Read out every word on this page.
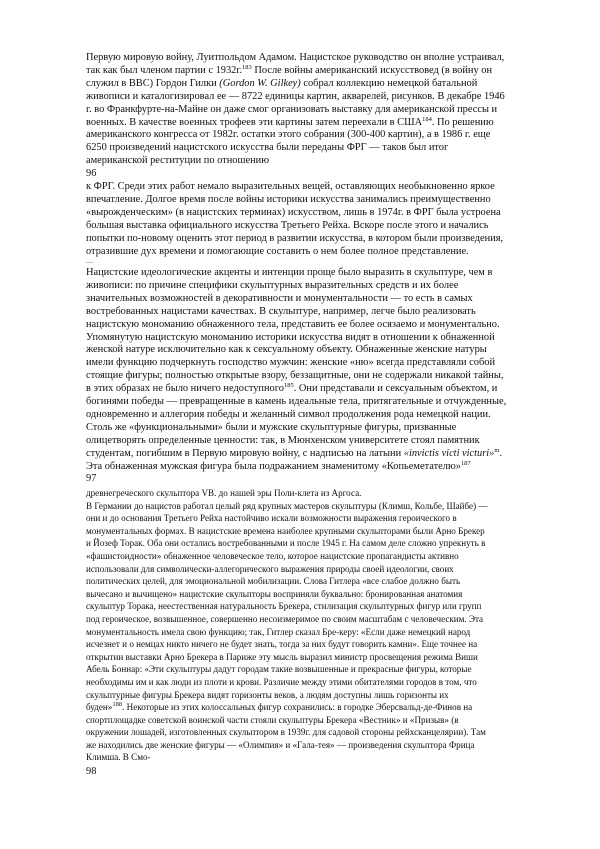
Первую мировую войну, Луитпольдом Адамом. Нацистское руководство он вполне устраивал,
так как был членом партии с 1932г.$^{183}$ После войны американский искусствовед (в войну он
служил в ВВС) Гордон Гилки (Gordon W. Gilkey) собрал коллекцию немецкой батальной
живописи и каталогизировал ее — 8722 единицы картин, акварелей, рисунков. В декабре 1946
г. во Франкфурте-на-Майне он даже смог организовать выставку для американской прессы и
военных. В качестве военных трофеев эти картины затем переехали в США$^{184}$. По решению
американского конгресса от 1982г. остатки этого собрания (300-400 картин), а в 1986 г. еще
6250 произведений нацистского искусства были переданы ФРГ — таков был итог
американской реституции по отношению
96
к ФРГ. Среди этих работ немало выразительных вещей, оставляющих необыкновенно яркое
впечатление. Долгое время после войны историки искусства занимались преимущественно
«вырожденческим» (в нацистских терминах) искусством, лишь в 1974г. в ФРГ была устроена
большая выставка официального искусства Третьего Рейха. Вскоре после этого и начались
попытки по-новому оценить этот период в развитии искусства, в котором были произведения,
отразившие дух времени и помогающие составить о нем более полное представление.
—
Нацистские идеологические акценты и интенции проще было выразить в скульптуре, чем в
живописи: по причине специфики скульптурных выразительных средств и их более
значительных возможностей в декоративности и монументальности — то есть в самых
востребованных нацистами качествах. В скульптуре, например, легче было реализовать
нацистскую мономанию обнаженного тела, представить ее более осязаемо и монументально.
Упомянутую нацистскую мономанию историки искусства видят в отношении к обнаженной
женской натуре исключительно как к сексуальному объекту. Обнаженные женские натуры
имели функцию подчеркнуть господство мужчин: женские «ню» всегда представляли собой
стоящие фигуры; полностью открытые взору, беззащитные, они не содержали никакой тайны,
в этих образах не было ничего недоступного$^{185}$. Они представали и сексуальным объектом, и
богинями победы — превращенные в камень идеальные тела, притягательные и отчужденные,
одновременно и аллегория победы и желанный символ продолжения рода немецкой нации.
Столь же «функциональными» были и мужские скульптурные фигуры, призванные
олицетворять определенные ценности: так, в Мюнхенском университете стоял памятник
студентам, погибшим в Первую мировую войну, с надписью на латыни «invictis victi victuri»$^m$.
Эта обнаженная мужская фигура была подражанием знаменитому «Копьеметателю»$^{187}$
97
древнегреческого скульптора VВ. до нашей эры Поли-клета из Аргоса.
В Германии до нацистов работал целый ряд крупных мастеров скульптуры (Климш, Кольбе, Шайбе) —
они и до основания Третьего Рейха настойчиво искали возможности выражения героического в
монументальных формах. В нацистские времена наиболее крупными скульпторами были Арно Брекер
и Йозеф Торак. Оба они остались востребованными и после 1945 г. На самом деле сложно упрекнуть в
«фашистоидности» обнаженное человеческое тело, которое нацистские пропагандисты активно
использовали для символически-аллегорического выражения природы своей идеологии, своих
политических целей, для эмоциональной мобилизации. Слова Гитлера «все слабое должно быть
вычесано и вычищено» нацистские скульпторы восприняли буквально: бронированная анатомия
скульптур Торака, неестественная натуральность Брекера, стилизация скульптурных фигур или групп
под героическое, возвышенное, совершенно несоизмеримое по своим масштабам с человеческим. Эта
монументальность имела свою функцию; так, Гитлер сказал Бре-керу: «Если даже немецкий народ
исчезнет и о немцах никто ничего не будет знать, тогда за них будут говорить камни». Еще точнее на
открытии выставки Арно Брекера в Париже эту мысль выразил министр просвещения режима Виши
Абель Боннар: «Эти скульптуры дадут городам такие возвышенные и прекрасные фигуры, которые
необходимы им и как люди из плоти и крови. Различие между этими обитателями городов в том, что
скульптурные фигуры Брекера видят горизонты веков, а людям доступны лишь горизонты их
буден»$^{188}$. Некоторые из этих колоссальных фигур сохранились: в городке Эберсвальд-де-Финов на
спортплощадке советской воинской части стояли скульптуры Брекера «Вестник» и «Призыв» (в
окружении лошадей, изготовленных скульптором в 1939г. для садовой стороны рейхсканцелярии). Там
же находились две женские фигуры — «Олимпия» и «Гала-тея» — произведения скульптора Фрица
Климша. В Смо-
98
